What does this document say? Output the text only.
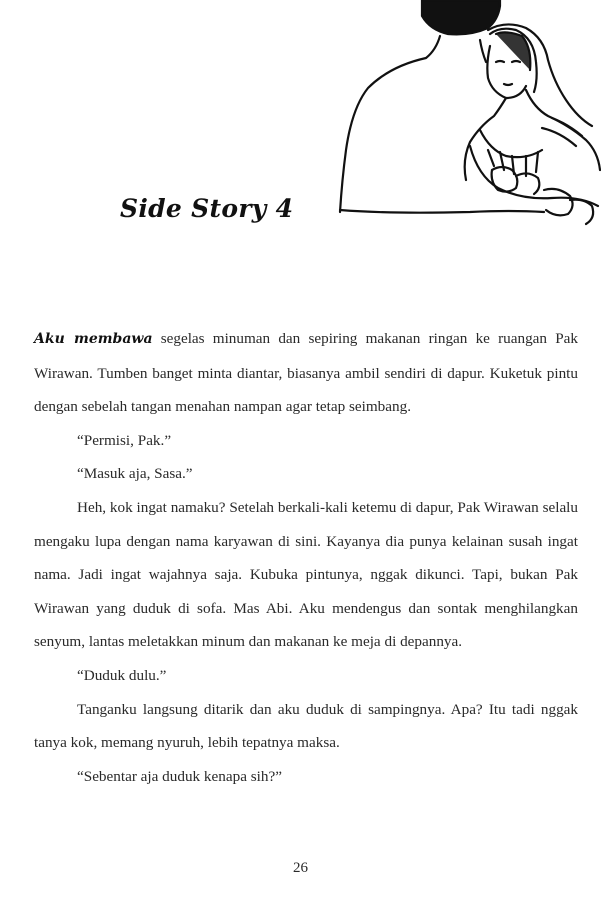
Side Story 4

Aku membawa segelas minuman dan sepiring makanan ringan ke ruangan Pak Wirawan. Tumben banget minta diantar, biasanya ambil sendiri di dapur. Kuketuk pintu dengan sebelah tangan menahan nampan agar tetap seimbang.

“Permisi, Pak.”

“Masuk aja, Sasa.”

Heh, kok ingat namaku? Setelah berkali-kali ketemu di dapur, Pak Wirawan selalu mengaku lupa dengan nama karyawan di sini. Kayanya dia punya kelainan susah ingat nama. Jadi ingat wajahnya saja. Kubuka pintunya, nggak dikunci. Tapi, bukan Pak Wirawan yang duduk di sofa. Mas Abi. Aku mendengus dan sontak menghilangkan senyum, lantas meletakkan minum dan makanan ke meja di depannya.

“Duduk dulu.”

Tanganku langsung ditarik dan aku duduk di sampingnya. Apa? Itu tadi nggak tanya kok, memang nyuruh, lebih tepatnya maksa.

“Sebentar aja duduk kenapa sih?”

26
